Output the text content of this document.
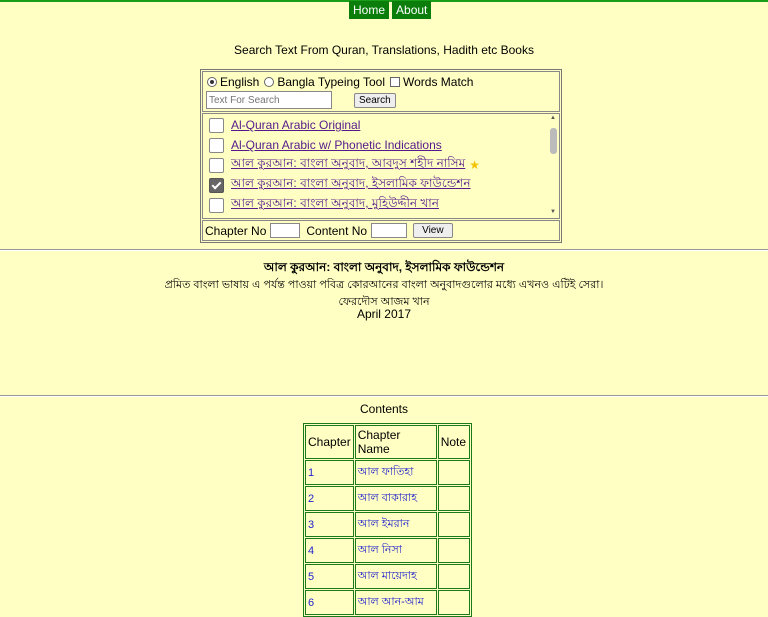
Home About
Search Text From Quran, Translations, Hadith etc Books
English Bangla Typeing Tool Words Match
Text For Search
Search
Al-Quran Arabic Original
Al-Quran Arabic w/ Phonetic Indications
আল কুরআন: বাংলা অনুবাদ, আবদুস শহীদ নাসিম ★
আল কুরআন: বাংলা অনুবাদ, ইসলামিক ফাউন্ডেশন
আল কুরআন: বাংলা অনুবাদ, মুহিউদ্দীন খান
▲
▼
Chapter No	Content No	View
আল কুরআন: বাংলা অনুবাদ, ইসলামিক ফাউন্ডেশন
প্রমিত বাংলা ভাষায় এ পর্যন্ত পাওয়া পবিত্র কোরআনের বাংলা অনুবাদগুলোর মধ্যে এখনও এটিই সেরা।
ফেরদৌস আজম খান
April 2017
Contents
Chapter	Chapter Name	Note
1	আল ফাতিহা	
2	আল বাকারাহ	
3	আল ইমরান	
4	আল নিসা	
5	আল মায়েদাহ	
6	আল আন-আম	
